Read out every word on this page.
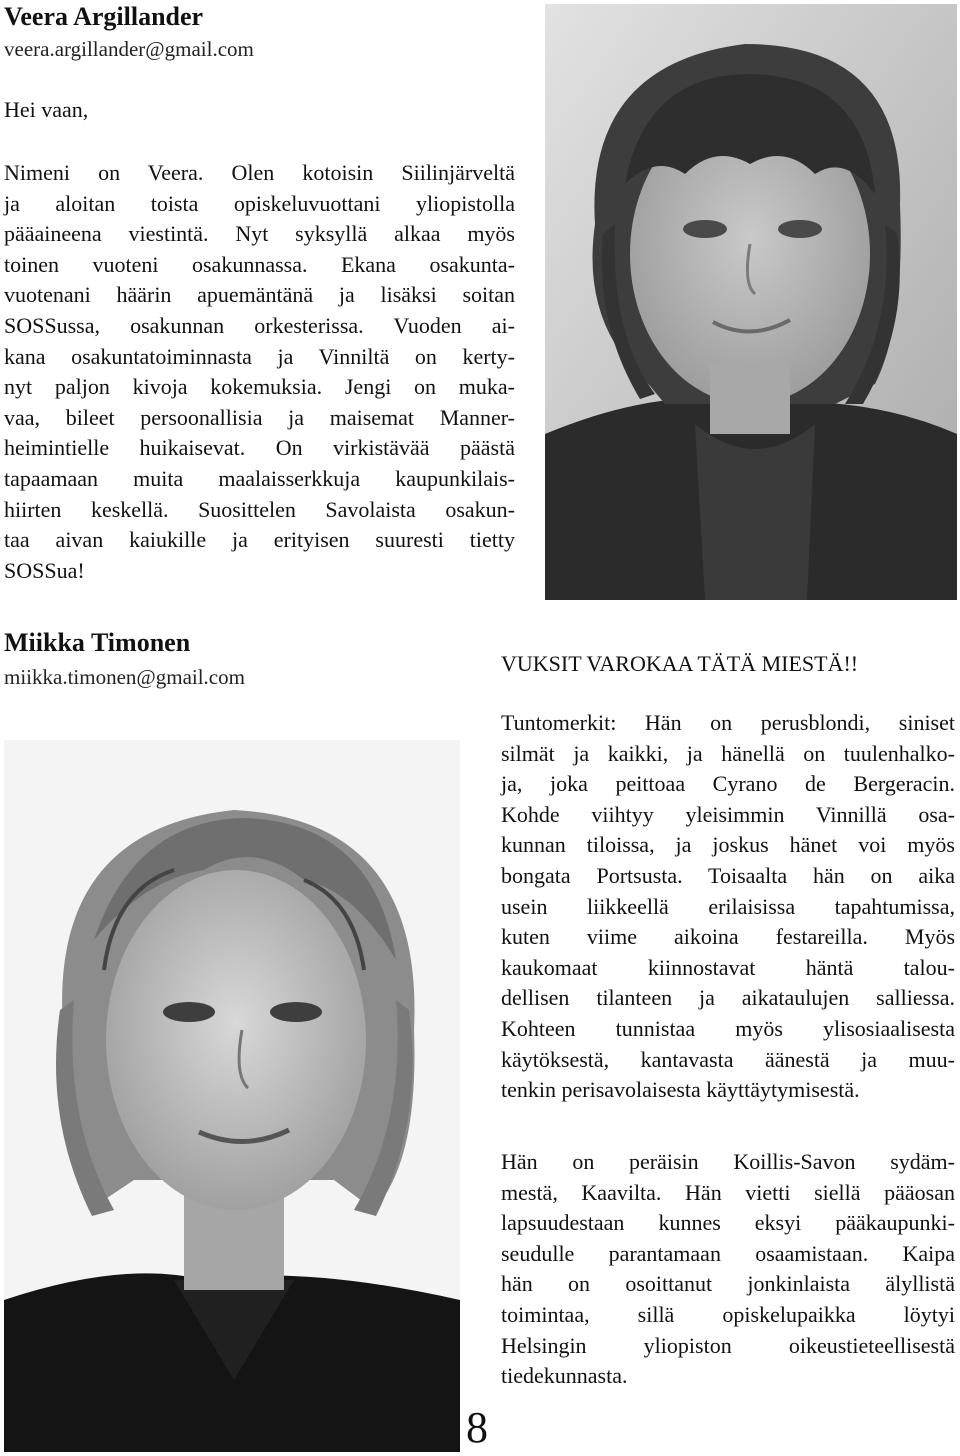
Veera Argillander
veera.argillander@gmail.com
Hei vaan,
Nimeni on Veera. Olen kotoisin Siilinjärveltä
ja aloitan toista opiskeluvuottani yliopistolla
pääaineena viestintä. Nyt syksyllä alkaa myös
toinen vuoteni osakunnassa. Ekana osakunta-
vuotenani häärin apuemäntänä ja lisäksi soitan
SOSSussa, osakunnan orkesterissa. Vuoden ai-
kana osakuntatoiminnasta ja Vinniltä on kerty-
nyt paljon kivoja kokemuksia. Jengi on muka-
vaa, bileet persoonallisia ja maisemat Manner-
heimintielle huikaisevat. On virkistävää päästä
tapaamaan muita maalaisserkkuja kaupunkilais-
hiirten keskellä. Suosittelen Savolaista osakun-
taa aivan kaiukille ja erityisen suuresti tietty
SOSSua!
Miikka Timonen
miikka.timonen@gmail.com
VUKSIT VAROKAA TÄTÄ MIESTÄ!!
Tuntomerkit: Hän on perusblondi, siniset
silmät ja kaikki, ja hänellä on tuulenhalko-
ja, joka peittoaa Cyrano de Bergeracin.
Kohde viihtyy yleisimmin Vinnillä osa-
kunnan tiloissa, ja joskus hänet voi myös
bongata Portsusta. Toisaalta hän on aika
usein liikkeellä erilaisissa tapahtumissa,
kuten viime aikoina festareilla. Myös
kaukomaat kiinnostavat häntä talou-
dellisen tilanteen ja aikataulujen salliessa.
Kohteen tunnistaa myös ylisosiaalisesta
käytöksestä, kantavasta äänestä ja muu-
tenkin perisavolaisesta käyttäytymisestä.
Hän on peräisin Koillis-Savon sydäm-
mestä, Kaavilta. Hän vietti siellä pääosan
lapsuudestaan kunnes eksyi pääkaupunki-
seudulle parantamaan osaamistaan. Kaipa
hän on osoittanut jonkinlaista älyllistä
toimintaa, sillä opiskelupaikka löytyi
Helsingin yliopiston oikeustieteellisestä
tiedekunnasta.
8
